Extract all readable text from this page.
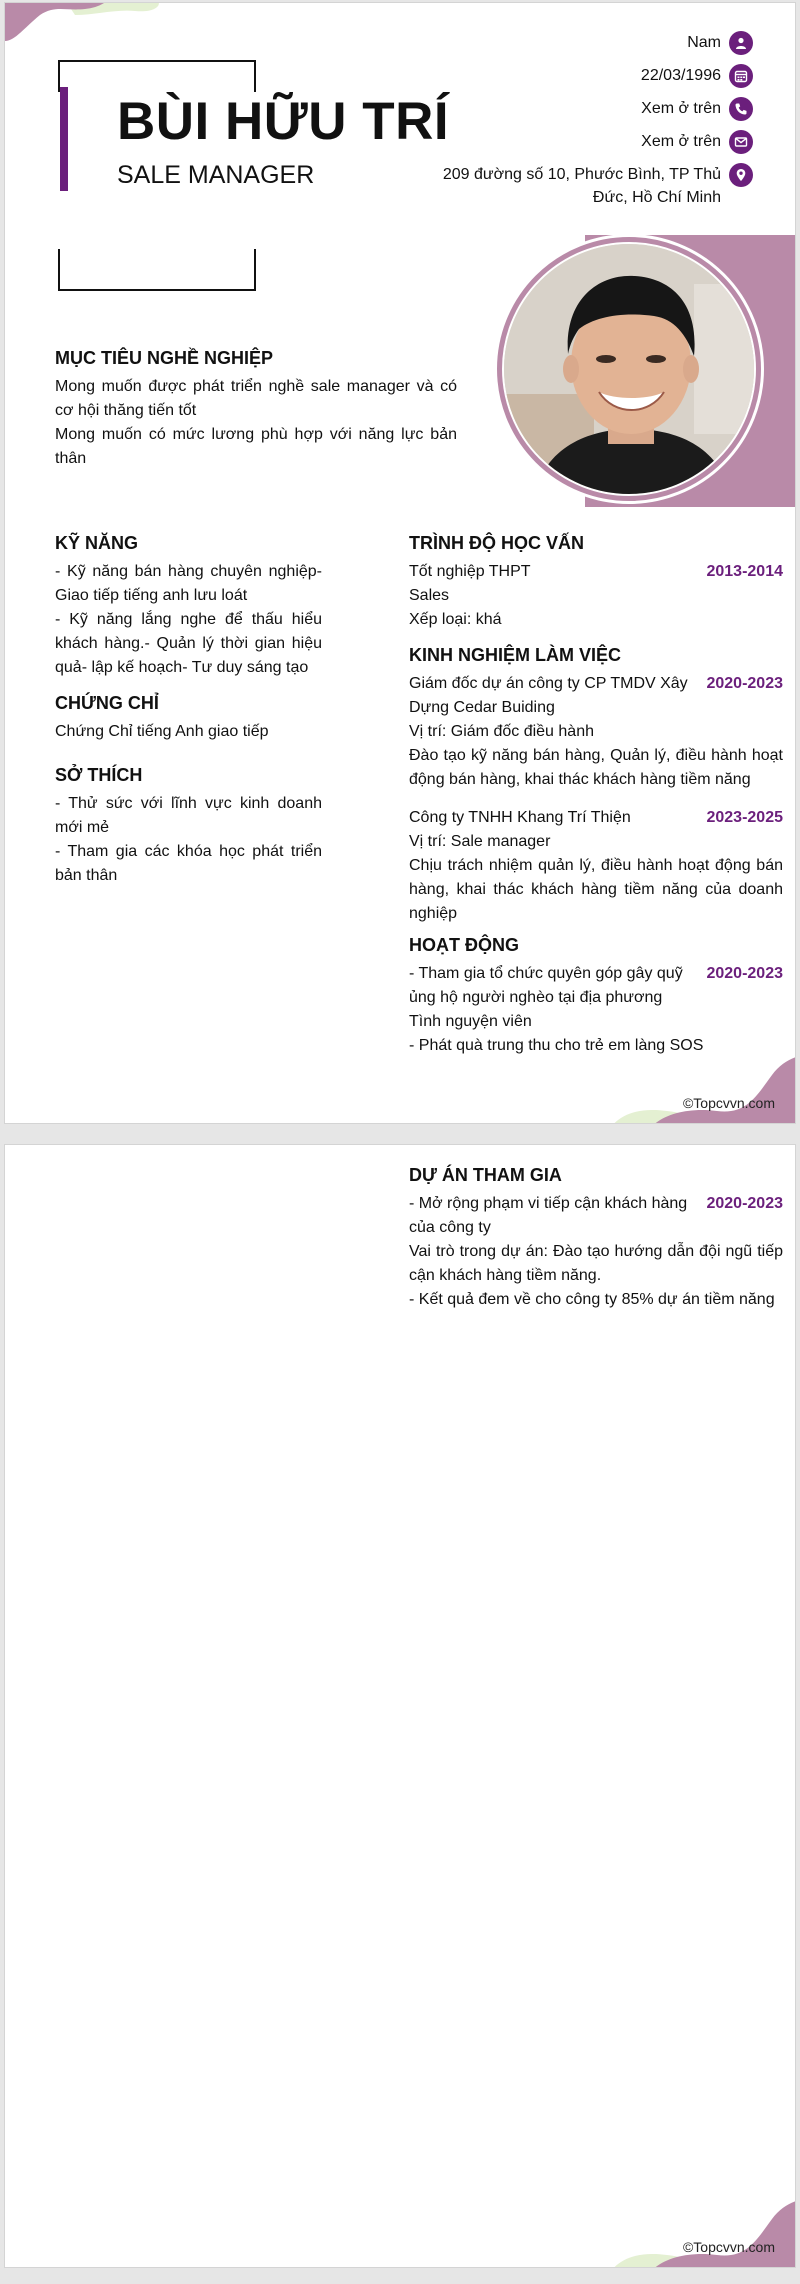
BÙI HỮU TRÍ
SALE MANAGER
Nam
22/03/1996
Xem ở trên
Xem ở trên
209 đường số 10, Phước Bình, TP Thủ Đức, Hồ Chí Minh
MỤC TIÊU NGHỀ NGHIỆP
Mong muốn được phát triển nghề sale manager và có cơ hội thăng tiến tốt
Mong muốn có mức lương phù hợp với năng lực bản thân
KỸ NĂNG
- Kỹ năng bán hàng chuyên nghiệp- Giao tiếp tiếng anh lưu loát
- Kỹ năng lắng nghe để thấu hiểu khách hàng.- Quản lý thời gian hiệu quả- lập kế hoạch- Tư duy sáng tạo
CHỨNG CHỈ
Chứng Chỉ tiếng Anh giao tiếp
SỞ THÍCH
- Thử sức với lĩnh vực kinh doanh mới mẻ
- Tham gia các khóa học phát triển bản thân
TRÌNH ĐỘ HỌC VẤN
Tốt nghiệp THPT	2013-2014
Sales
Xếp loại: khá
KINH NGHIỆM LÀM VIỆC
Giám đốc dự án công ty CP TMDV Xây Dựng Cedar Buiding
2020-2023
Vị trí: Giám đốc điều hành
Đào tạo kỹ năng bán hàng, Quản lý, điều hành hoạt động bán hàng, khai thác khách hàng tiềm năng
Công ty TNHH Khang Trí Thiện	2023-2025
Vị trí: Sale manager
Chịu trách nhiệm quản lý, điều hành hoạt động bán hàng, khai thác khách hàng tiềm năng của doanh nghiệp
HOẠT ĐỘNG
- Tham gia tổ chức quyên góp gây quỹ ủng hộ người nghèo tại địa phương
2020-2023
Tình nguyện viên
- Phát quà trung thu cho trẻ em làng SOS
©Topcvvn.com
DỰ ÁN THAM GIA
- Mở rộng phạm vi tiếp cận khách hàng của công ty
2020-2023
Vai trò trong dự án: Đào tạo hướng dẫn đội ngũ tiếp cận khách hàng tiềm năng.
- Kết quả đem về cho công ty 85% dự án tiềm năng
©Topcvvn.com
